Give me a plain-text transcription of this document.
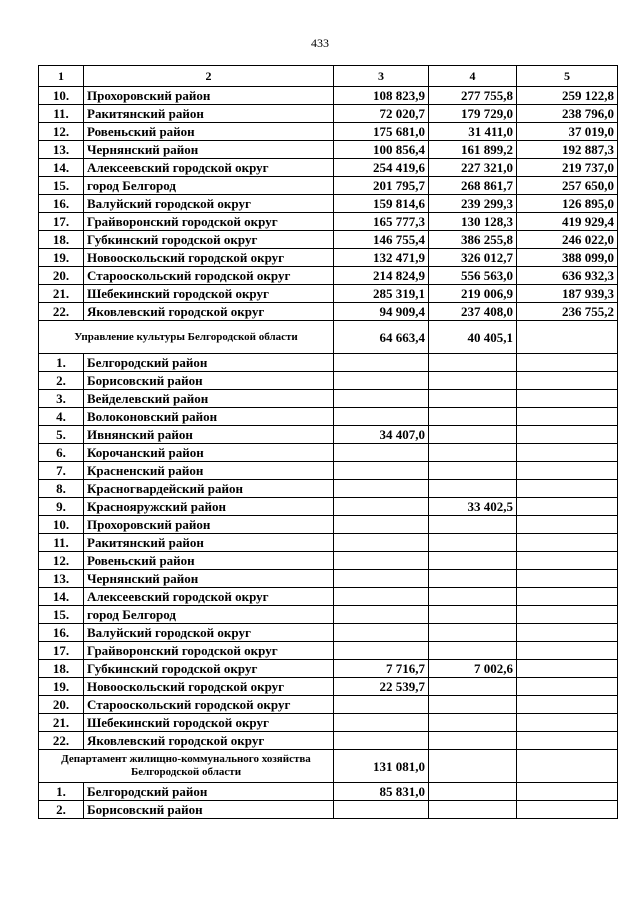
433
1	2	3	4	5
10.	Прохоровский район	108 823,9	277 755,8	259 122,8
11.	Ракитянский район	72 020,7	179 729,0	238 796,0
12.	Ровеньский район	175 681,0	31 411,0	37 019,0
13.	Чернянский район	100 856,4	161 899,2	192 887,3
14.	Алексеевский городской округ	254 419,6	227 321,0	219 737,0
15.	город Белгород	201 795,7	268 861,7	257 650,0
16.	Валуйский городской округ	159 814,6	239 299,3	126 895,0
17.	Грайворонский городской округ	165 777,3	130 128,3	419 929,4
18.	Губкинский городской округ	146 755,4	386 255,8	246 022,0
19.	Новооскольский городской округ	132 471,9	326 012,7	388 099,0
20.	Старооскольский городской округ	214 824,9	556 563,0	636 932,3
21.	Шебекинский городской округ	285 319,1	219 006,9	187 939,3
22.	Яковлевский городской округ	94 909,4	237 408,0	236 755,2
Управление культуры Белгородской области		64 663,4	40 405,1	
1.	Белгородский район			
2.	Борисовский район			
3.	Вейделевский район			
4.	Волоконовский район			
5.	Ивнянский район	34 407,0		
6.	Корочанский район			
7.	Красненский район			
8.	Красногвардейский район			
9.	Краснояружский район		33 402,5	
10.	Прохоровский район			
11.	Ракитянский район			
12.	Ровеньский район			
13.	Чернянский район			
14.	Алексеевский городской округ			
15.	город Белгород			
16.	Валуйский городской округ			
17.	Грайворонский городской округ			
18.	Губкинский городской округ	7 716,7	7 002,6	
19.	Новооскольский городской округ	22 539,7		
20.	Старооскольский городской округ			
21.	Шебекинский городской округ			
22.	Яковлевский городской округ			
Департамент жилищно-коммунального хозяйства Белгородской области		131 081,0		
1.	Белгородский район	85 831,0		
2.	Борисовский район			
